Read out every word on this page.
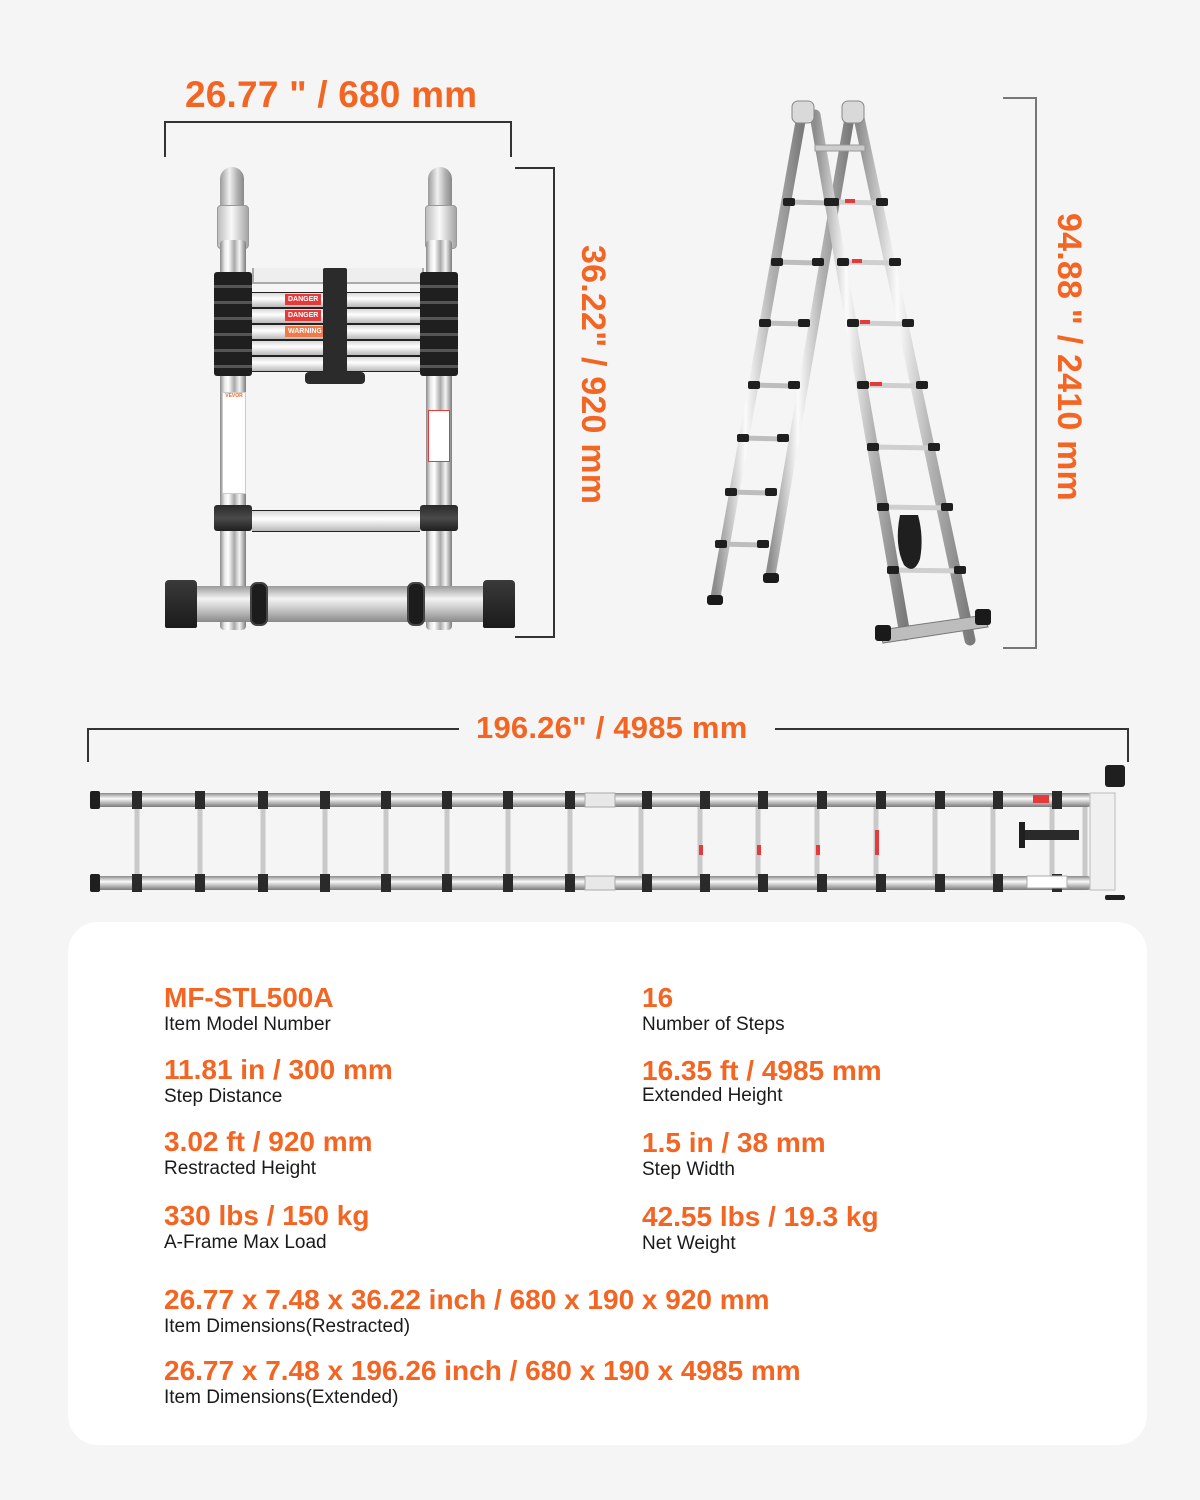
26.77 " / 680 mm
36.22" / 920 mm
DANGER
DANGER
WARNING
VEVOR	94.88 " / 2410 mm
196.26" / 4985 mm
MF-STL500A
Item Model Number
11.81 in / 300 mm
Step Distance
3.02 ft / 920 mm
Restracted Height
330 lbs / 150 kg
A-Frame Max Load
16
Number of Steps
16.35 ft / 4985 mm
Extended Height
1.5 in / 38 mm
Step Width
42.55 lbs / 19.3 kg
Net Weight
26.77 x 7.48 x 36.22 inch / 680 x 190 x 920 mm
Item Dimensions(Restracted)
26.77 x 7.48 x 196.26 inch / 680 x 190 x 4985 mm
Item Dimensions(Extended)
